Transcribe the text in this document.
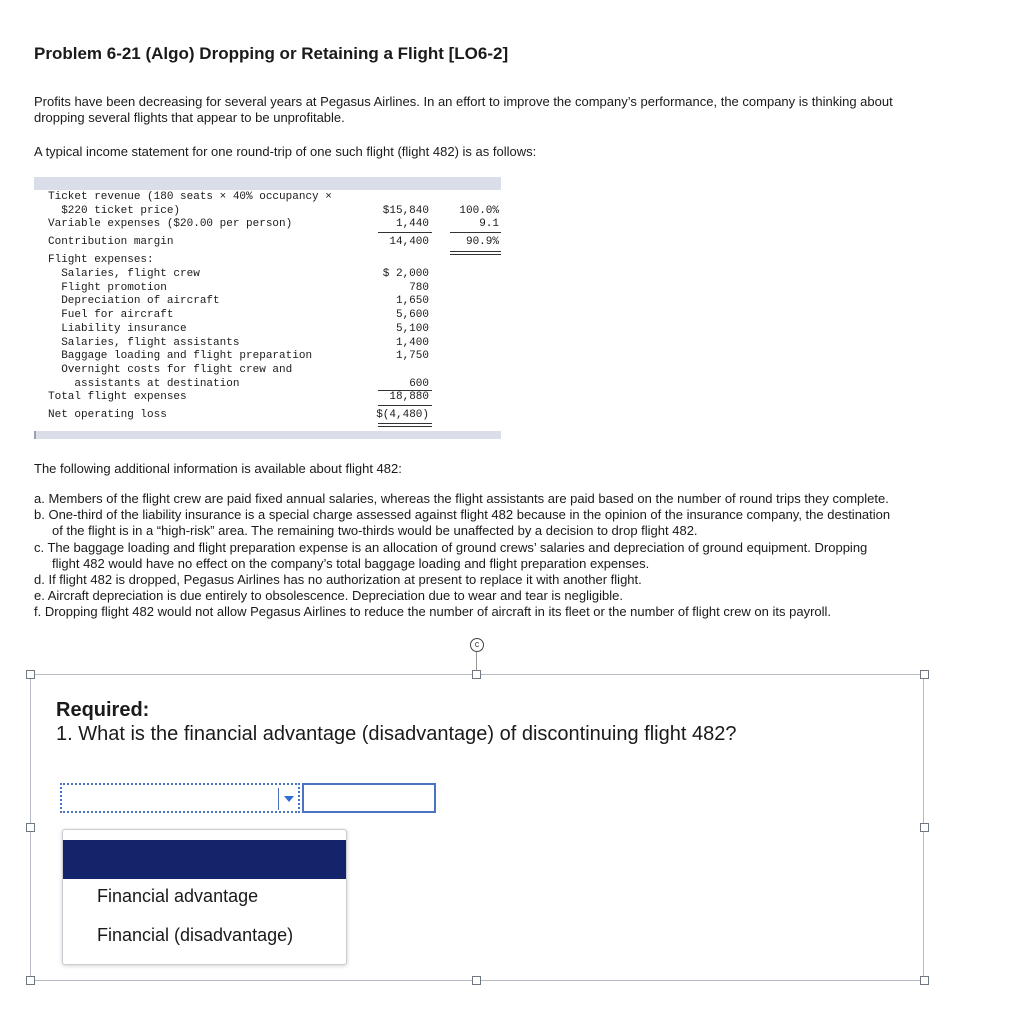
Problem 6-21 (Algo) Dropping or Retaining a Flight [LO6-2]

Profits have been decreasing for several years at Pegasus Airlines. In an effort to improve the company’s performance, the company is thinking about dropping several flights that appear to be unprofitable.

A typical income statement for one round-trip of one such flight (flight 482) is as follows:

Ticket revenue (180 seats × 40% occupancy ×
$220 ticket price)	$15,840	100.0%
Variable expenses ($20.00 per person)	1,440	9.1
Contribution margin	14,400	90.9%
Flight expenses:
Salaries, flight crew	$ 2,000
Flight promotion	780
Depreciation of aircraft	1,650
Fuel for aircraft	5,600
Liability insurance	5,100
Salaries, flight assistants	1,400
Baggage loading and flight preparation	1,750
Overnight costs for flight crew and
assistants at destination	600
Total flight expenses	18,880
Net operating loss	$(4,480)

The following additional information is available about flight 482:

a. Members of the flight crew are paid fixed annual salaries, whereas the flight assistants are paid based on the number of round trips they complete.
b. One-third of the liability insurance is a special charge assessed against flight 482 because in the opinion of the insurance company, the destination of the flight is in a “high-risk” area. The remaining two-thirds would be unaffected by a decision to drop flight 482.
c. The baggage loading and flight preparation expense is an allocation of ground crews’ salaries and depreciation of ground equipment. Dropping flight 482 would have no effect on the company’s total baggage loading and flight preparation expenses.
d. If flight 482 is dropped, Pegasus Airlines has no authorization at present to replace it with another flight.
e. Aircraft depreciation is due entirely to obsolescence. Depreciation due to wear and tear is negligible.
f. Dropping flight 482 would not allow Pegasus Airlines to reduce the number of aircraft in its fleet or the number of flight crew on its payroll.
c
Required:

1. What is the financial advantage (disadvantage) of discontinuing flight 482?

Financial advantage
Financial (disadvantage)
